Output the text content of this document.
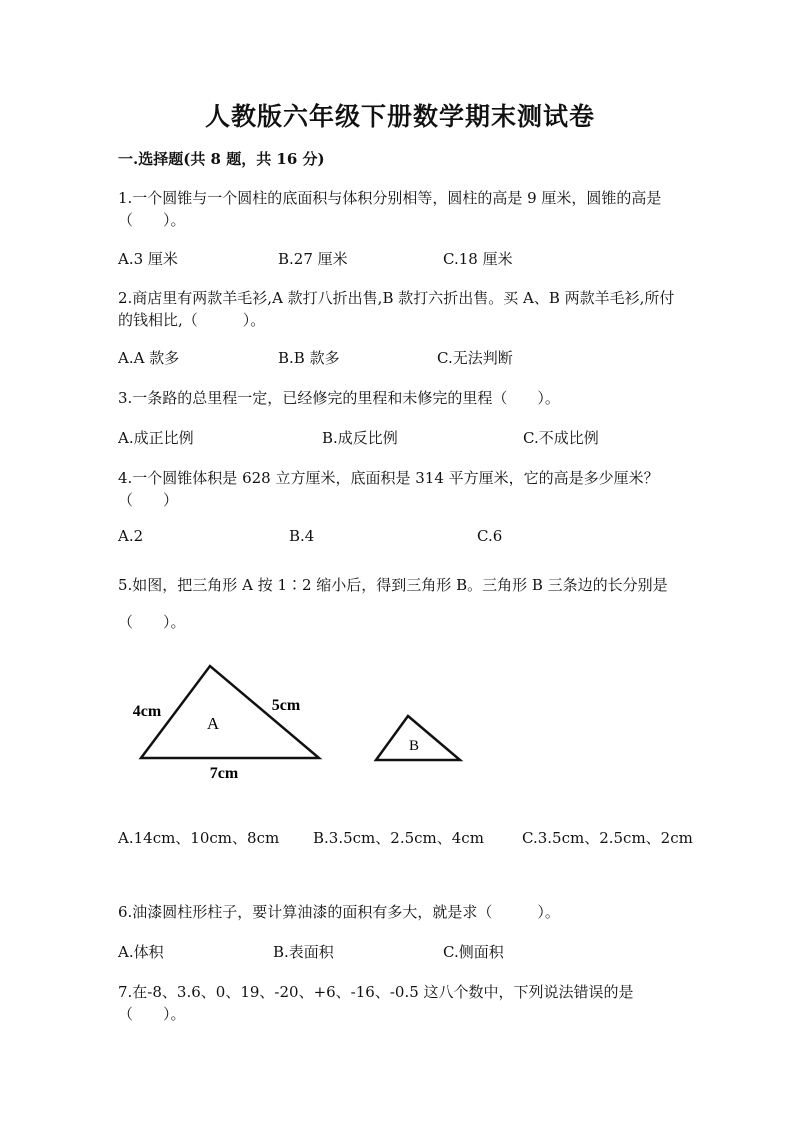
人教版六年级下册数学期末测试卷
一.选择题(共 8 题，共 16 分)

1.一个圆锥与一个圆柱的底面积与体积分别相等，圆柱的高是 9 厘米，圆锥的高是（　　）。

A.3 厘米	B.27 厘米	C.18 厘米

2.商店里有两款羊毛衫,A 款打八折出售,B 款打六折出售。买 A、B 两款羊毛衫,所付的钱相比,（　　　）。

A.A 款多	B.B 款多	C.无法判断

3.一条路的总里程一定，已经修完的里程和未修完的里程（　　）。

A.成正比例	B.成反比例	C.不成比例

4.一个圆锥体积是 628 立方厘米，底面积是 314 平方厘米，它的高是多少厘米？（　　）

A.2	B.4	C.6

5.如图，把三角形 A 按 1∶2 缩小后，得到三角形 B。三角形 B 三条边的长分别是（　　）。

A
4cm	5cm
7cm
B
A.14cm、10cm、8cm B.3.5cm、2.5cm、4cm	C.3.5cm、2.5cm、2cm

6.油漆圆柱形柱子，要计算油漆的面积有多大，就是求（　　　）。

A.体积	B.表面积	C.侧面积

7.在-8、3.6、0、19、-20、+6、-16、-0.5 这八个数中，下列说法错误的是（　　）。
